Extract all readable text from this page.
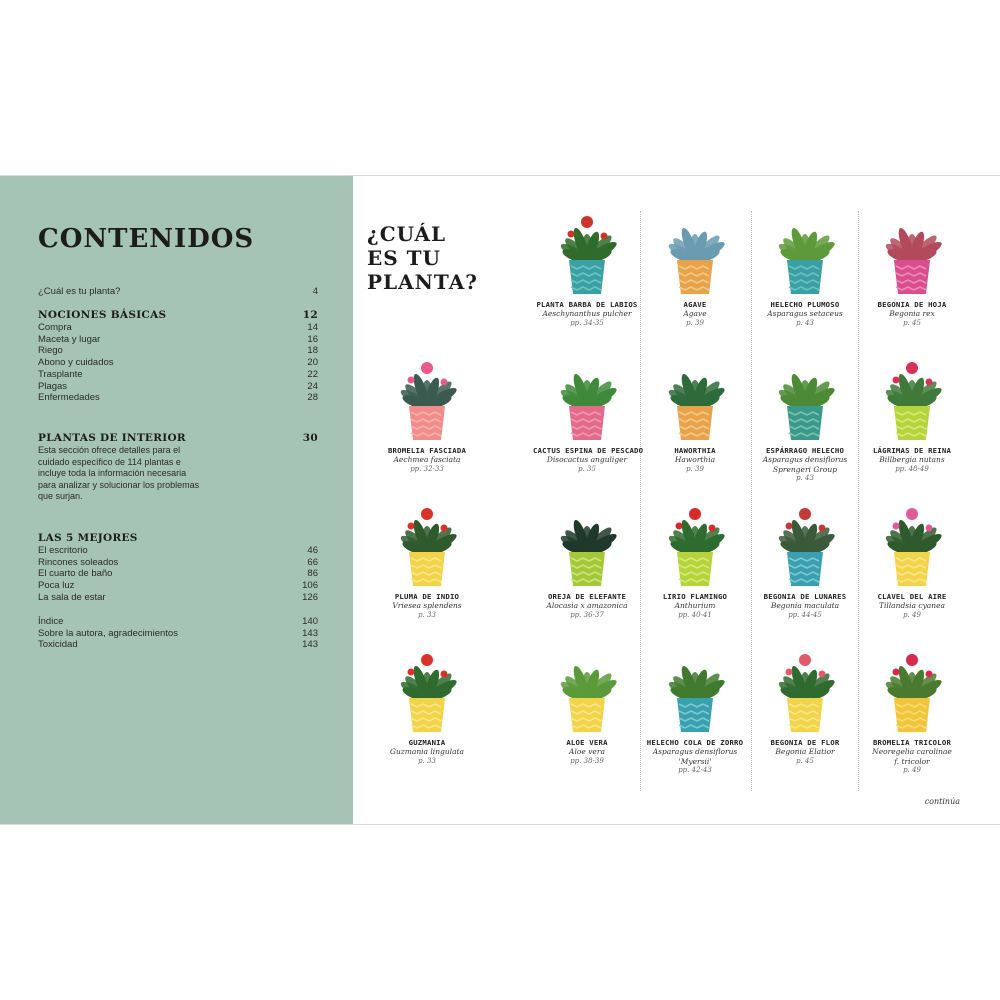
CONTENIDOS
¿Cuál es tu planta?	4
NOCIONES BÁSICAS	12
Compra	14
Maceta y lugar	16
Riego	18
Abono y cuidados	20
Trasplante	22
Plagas	24
Enfermedades	28
PLANTAS DE INTERIOR	30
Esta sección ofrece detalles para el cuidado específico de 114 plantas e incluye toda la información necesaria para analizar y solucionar los problemas que surjan.
LAS 5 MEJORES
El escritorio	46
Rincones soleados	66
El cuarto de baño	86
Poca luz	106
La sala de estar	126
Índice	140
Sobre la autora, agradecimientos	143
Toxicidad	143
¿CUÁL
ES TU
PLANTA?
PLANTA BARBA DE LABIOS
Aeschynanthus pulcher
pp. 34-35
AGAVE
Agave
p. 39
HELECHO PLUMOSO
Asparagus setaceus
p. 43
BEGONIA DE HOJA
Begonia rex
p. 45
BROMELIA FASCIADA
Aechmea fasciata
pp. 32-33
CACTUS ESPINA DE PESCADO
Disocactus anguliger
p. 35
HAWORTHIA
Haworthia
p. 39
ESPÁRRAGO HELECHO
Asparagus densiflorus
Sprengeri Group
p. 43
LÁGRIMAS DE REINA
Billbergia nutans
pp. 48-49
PLUMA DE INDIO
Vriesea splendens
p. 33
OREJA DE ELEFANTE
Alocasia x amazonica
pp. 36-37
LIRIO FLAMINGO
Anthurium
pp. 40-41
BEGONIA DE LUNARES
Begonia maculata
pp. 44-45
CLAVEL DEL AIRE
Tillandsia cyanea
p. 49
GUZMANIA
Guzmania lingulata
p. 33
ALOE VERA
Aloe vera
pp. 38-39
HELECHO COLA DE ZORRO
Asparagus densiflorus
'Myersii'
pp. 42-43
BEGONIA DE FLOR
Begonia Elatior
p. 45
BROMELIA TRICOLOR
Neoregelia carolinae
f. tricolor
p. 49
continúa
